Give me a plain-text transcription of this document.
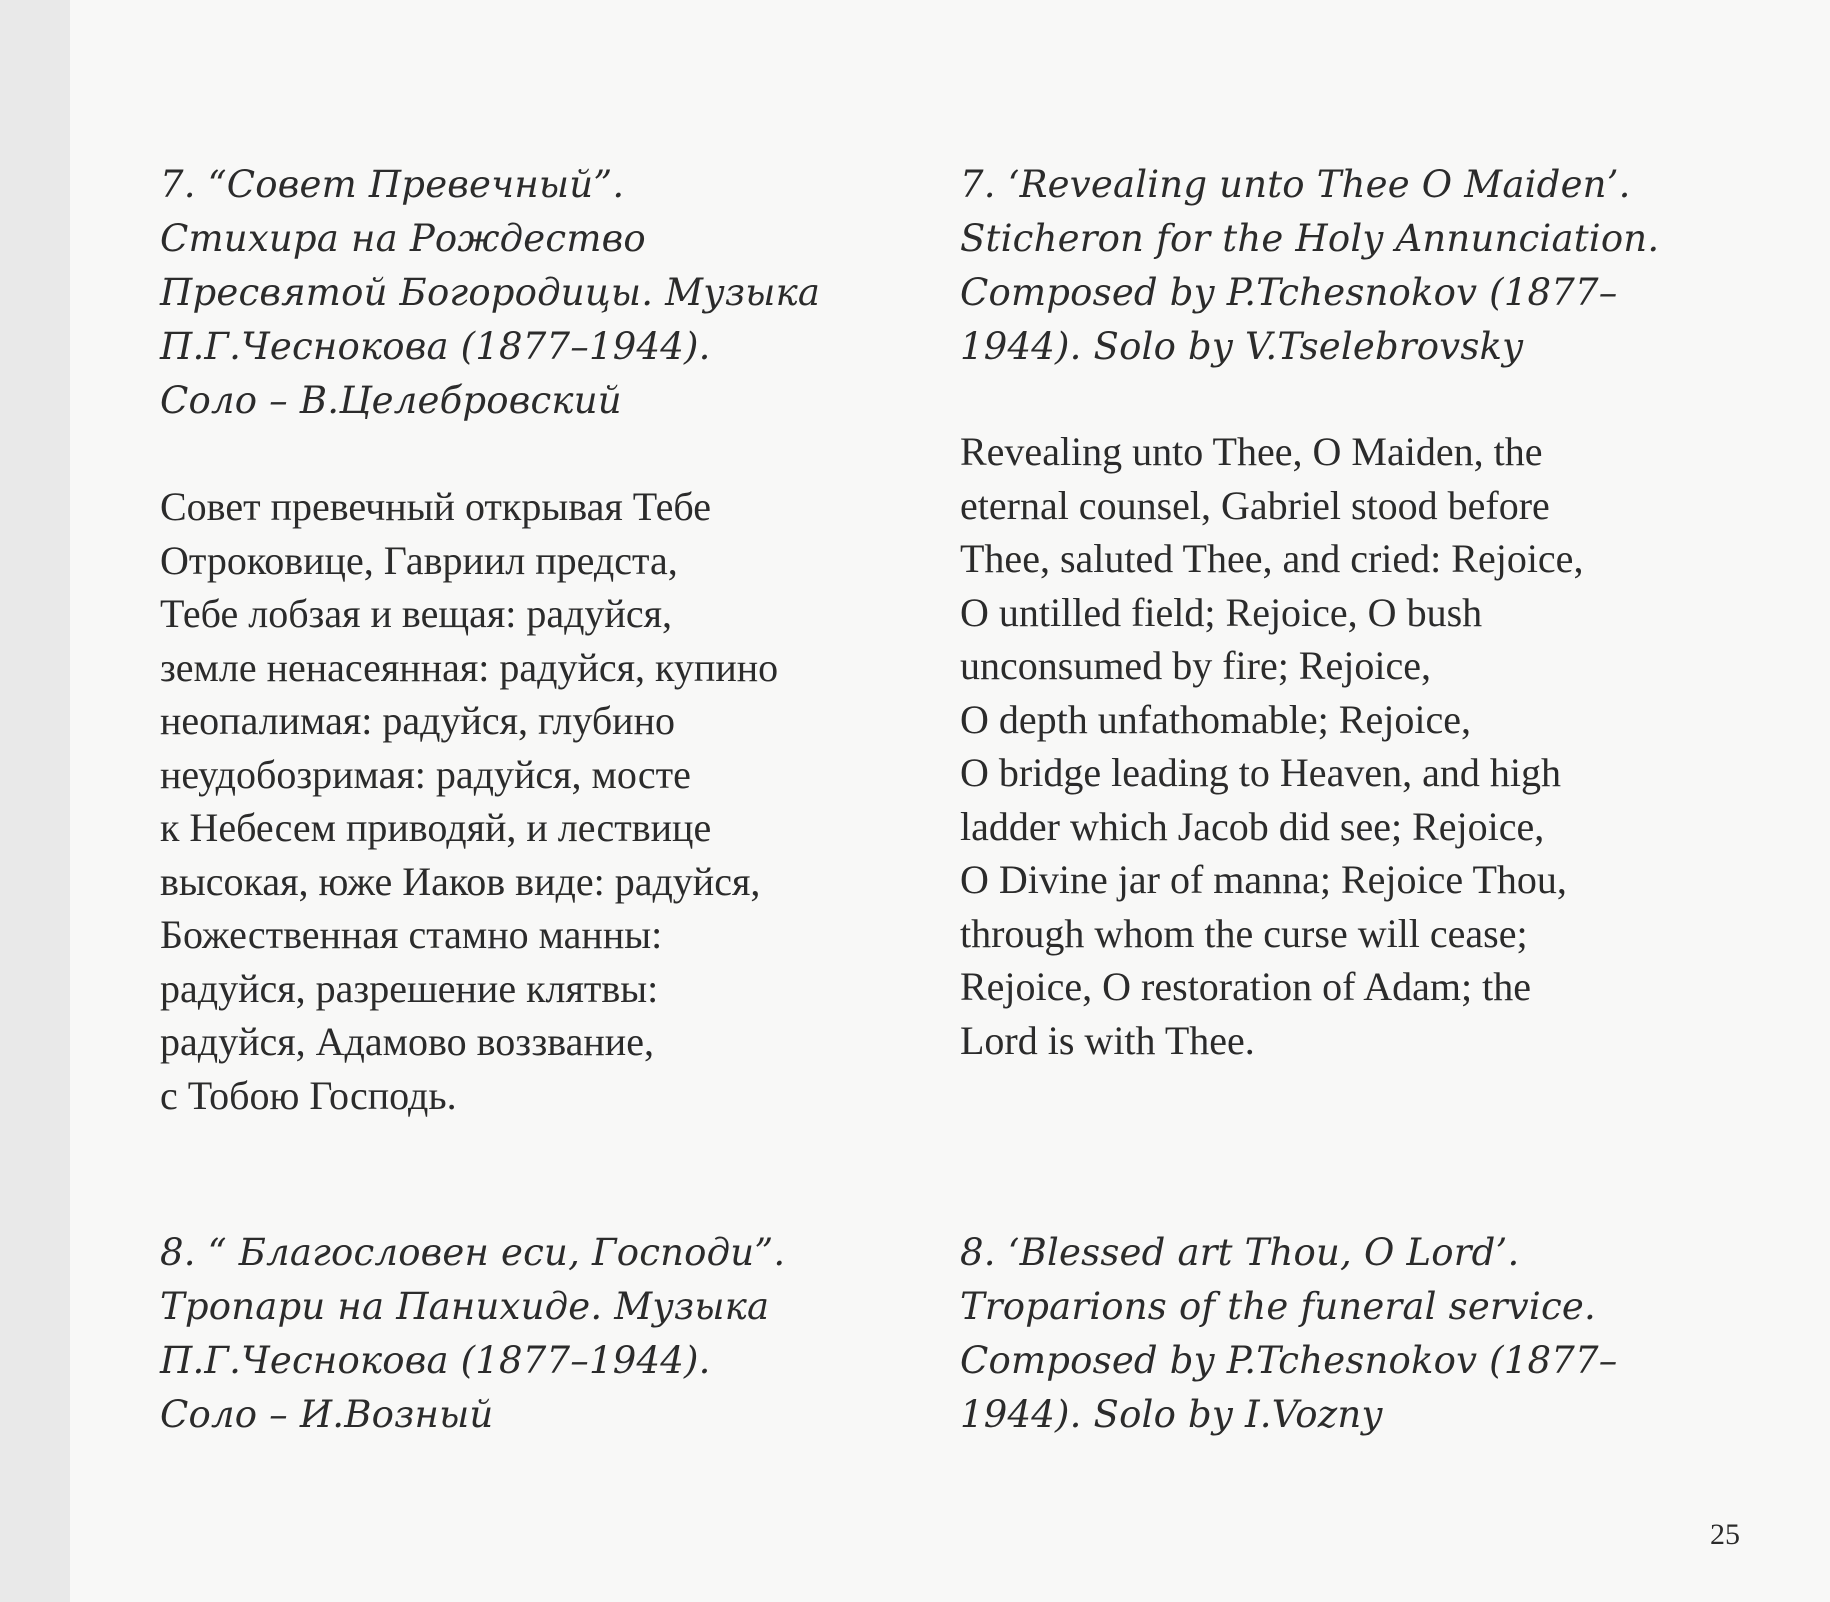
7. “Совет Превечный”.
Стихира на Рождество
Пресвятой Богородицы. Музыка
П.Г.Чеснокова (1877–1944).
Соло – В.Целебровский

Совет превечный открывая Тебе
Отроковице, Гавриил предста,
Тебе лобзая и вещая: радуйся,
земле ненасеянная: радуйся, купино
неопалимая: радуйся, глубино
неудобозримая: радуйся, мосте
к Небесем приводяй, и лествице
высокая, юже Иаков виде: радуйся,
Божественная стамно манны:
радуйся, разрешение клятвы:
радуйся, Адамово воззвание,
с Тобою Господь.

8. “ Благословен еси, Господи”.
Тропари на Панихиде. Музыка
П.Г.Чеснокова (1877–1944).
Соло – И.Возный

7. ‘Revealing unto Thee O Maiden’.
Sticheron for the Holy Annunciation.
Composed by P.Tchesnokov (1877–
1944). Solo by V.Tselebrovsky

Revealing unto Thee, O Maiden, the
eternal counsel, Gabriel stood before
Thee, saluted Thee, and cried: Rejoice,
O untilled field; Rejoice, O bush
unconsumed by fire; Rejoice,
O depth unfathomable; Rejoice,
O bridge leading to Heaven, and high
ladder which Jacob did see; Rejoice,
O Divine jar of manna; Rejoice Thou,
through whom the curse will cease;
Rejoice, O restoration of Adam; the
Lord is with Thee.

8. ‘Blessed art Thou, O Lord’.
Troparions of the funeral service.
Composed by P.Tchesnokov (1877–
1944). Solo by I.Vozny

25
